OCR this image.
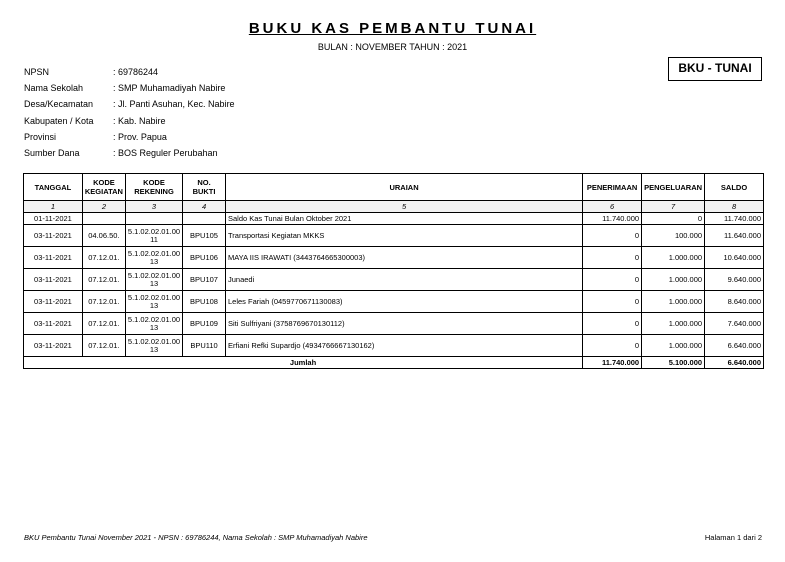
BUKU KAS PEMBANTU TUNAI
BULAN : NOVEMBER TAHUN : 2021
BKU - TUNAI
NPSN	: 69786244
Nama Sekolah	: SMP Muhamadiyah Nabire
Desa/Kecamatan	: Jl. Panti Asuhan, Kec. Nabire
Kabupaten / Kota	: Kab. Nabire
Provinsi	: Prov. Papua
Sumber Dana	: BOS Reguler Perubahan
TANGGAL	KODE KEGIATAN	KODE REKENING	NO. BUKTI	URAIAN	PENERIMAAN	PENGELUARAN	SALDO
1	2	3	4	5	6	7	8
01-11-2021				Saldo Kas Tunai Bulan Oktober 2021	11.740.000	0	11.740.000
03-11-2021	04.06.50.	5.1.02.02.01.00 11	BPU105	Transportasi Kegiatan MKKS	0	100.000	11.640.000
03-11-2021	07.12.01.	5.1.02.02.01.00 13	BPU106	MAYA IIS IRAWATI (3443764665300003)	0	1.000.000	10.640.000
03-11-2021	07.12.01.	5.1.02.02.01.00 13	BPU107	Junaedi	0	1.000.000	9.640.000
03-11-2021	07.12.01.	5.1.02.02.01.00 13	BPU108	Leles Fariah (0459770671130083)	0	1.000.000	8.640.000
03-11-2021	07.12.01.	5.1.02.02.01.00 13	BPU109	Siti Sulfriyani (3758769670130112)	0	1.000.000	7.640.000
03-11-2021	07.12.01.	5.1.02.02.01.00 13	BPU110	Erfiani Refki Supardjo (4934766667130162)	0	1.000.000	6.640.000
Jumlah					11.740.000	5.100.000	6.640.000
BKU Pembantu Tunai November 2021 - NPSN : 69786244, Nama Sekolah : SMP Muhamadiyah Nabire	Halaman 1 dari 2
